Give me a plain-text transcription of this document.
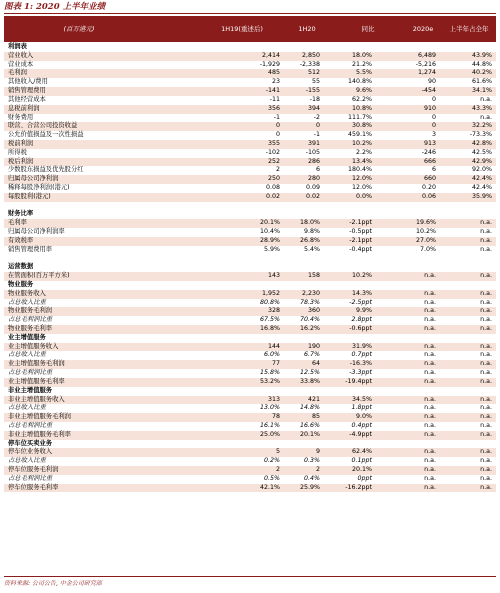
图表 1: 2020 上半年业绩
(百万港元)	1H19(重述后)	1H20	同比	2020e	上半年占 全年
利润表
营业收入	2,414	2,850	18.0%	6,489	43.9%
营业成本	-1,929	-2,338	21.2%	-5,216	44.8%
毛利润	485	512	5.5%	1,274	40.2%
其他收入/费用	23	55	140.8%	90	61.6%
销售管理费用	-141	-155	9.6%	-454	34.1%
其他经营成本	-11	-18	62.2%	0	n.a.
息税前利润	356	394	10.8%	910	43.3%
财务费用	-1	-2	111.7%	0	n.a.
联营、合营公司投资收益	0	0	30.8%	0	32.2%
公允价值损益及一次性损益	0	-1	459.1%	3	-73.3%
税前利润	355	391	10.2%	913	42.8%
所得税	-102	-105	2.2%	-246	42.5%
税后利润	252	286	13.4%	666	42.9%
少数股东损益及优先股分红	2	6	180.4%	6	92.0%
归属母公司净利润	250	280	12.0%	660	42.4%
稀释每股净利润(港元)	0.08	0.09	12.0%	0.20	42.4%
每股股利(港元)	0.02	0.02	0.0%	0.06	35.9%
财务比率
毛利率	20.1%	18.0%	-2.1ppt	19.6%	n.a.
归属母公司净利润率	10.4%	9.8%	-0.5ppt	10.2%	n.a.
有效税率	28.9%	26.8%	-2.1ppt	27.0%	n.a.
销售管理费用率	5.9%	5.4%	-0.4ppt	7.0%	n.a.
运营数据
在管面积(百万平方米)	143	158	10.2%	n.a.	n.a.
物业服务
物业服务收入	1,952	2,230	14.3%	n.a.	n.a.
占总收入比重	80.8%	78.3%	-2.5ppt	n.a.	n.a.
物业服务毛利润	328	360	9.9%	n.a.	n.a.
占总毛利润比重	67.5%	70.4%	2.8ppt	n.a.	n.a.
物业服务毛利率	16.8%	16.2%	-0.6ppt	n.a.	n.a.
业主增值服务
业主增值服务收入	144	190	31.9%	n.a.	n.a.
占总收入比重	6.0%	6.7%	0.7ppt	n.a.	n.a.
业主增值服务毛利润	77	64	-16.3%	n.a.	n.a.
占总毛利润比重	15.8%	12.5%	-3.3ppt	n.a.	n.a.
业主增值服务毛利率	53.2%	33.8%	-19.4ppt	n.a.	n.a.
非业主增值服务
非业主增值服务收入	313	421	34.5%	n.a.	n.a.
占总收入比重	13.0%	14.8%	1.8ppt	n.a.	n.a.
非业主增值服务毛利润	78	85	9.0%	n.a.	n.a.
占总毛利润比重	16.1%	16.6%	0.4ppt	n.a.	n.a.
非业主增值服务毛利率	25.0%	20.1%	-4.9ppt	n.a.	n.a.
停车位买卖业务
停车位业务收入	5	9	62.4%	n.a.	n.a.
占总收入比重	0.2%	0.3%	0.1ppt	n.a.	n.a.
停车位服务毛利润	2	2	20.1%	n.a.	n.a.
占总毛利润比重	0.5%	0.4%	0ppt	n.a.	n.a.
停车位服务毛利率	42.1%	25.9%	-16.2ppt	n.a.	n.a.
资料来源: 公司公告, 中金公司研究部
